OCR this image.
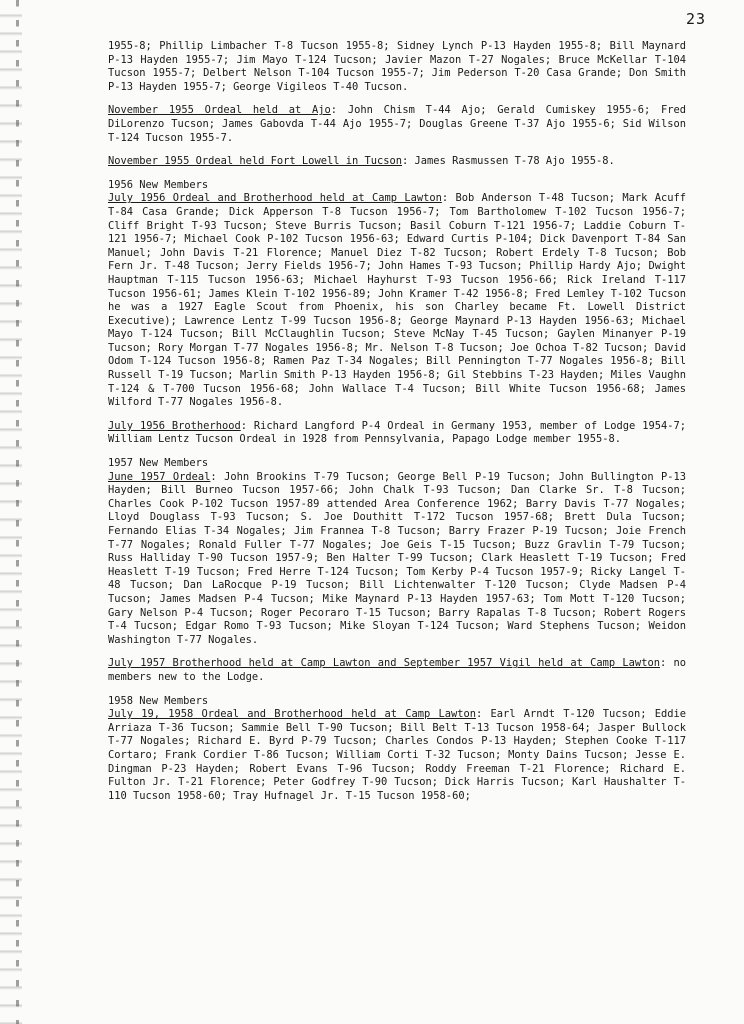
23

1955-8; Phillip Limbacher T-8 Tucson 1955-8; Sidney Lynch P-13 Hayden 1955-8; Bill Maynard P-13 Hayden 1955-7; Jim Mayo T-124 Tucson; Javier Mazon T-27 Nogales; Bruce McKellar T-104 Tucson 1955-7; Delbert Nelson T-104 Tucson 1955-7; Jim Pederson T-20 Casa Grande; Don Smith P-13 Hayden 1955-7; George Vigileos T-40 Tucson.

November 1955 Ordeal held at Ajo: John Chism T-44 Ajo; Gerald Cumiskey 1955-6; Fred DiLorenzo Tucson; James Gabovda T-44 Ajo 1955-7; Douglas Greene T-37 Ajo 1955-6; Sid Wilson T-124 Tucson 1955-7.

November 1955 Ordeal held Fort Lowell in Tucson: James Rasmussen T-78 Ajo 1955-8.

1956 New Members

July 1956 Ordeal and Brotherhood held at Camp Lawton: Bob Anderson T-48 Tucson; Mark Acuff T-84 Casa Grande; Dick Apperson T-8 Tucson 1956-7; Tom Bartholomew T-102 Tucson 1956-7; Cliff Bright T-93 Tucson; Steve Burris Tucson; Basil Coburn T-121 1956-7; Laddie Coburn T-121 1956-7; Michael Cook P-102 Tucson 1956-63; Edward Curtis P-104; Dick Davenport T-84 San Manuel; John Davis T-21 Florence; Manuel Diez T-82 Tucson; Robert Erdely T-8 Tucson; Bob Fern Jr. T-48 Tucson; Jerry Fields 1956-7; John Hames T-93 Tucson; Phillip Hardy Ajo; Dwight Hauptman T-115 Tucson 1956-63; Michael Hayhurst T-93 Tucson 1956-66; Rick Ireland T-117 Tucson 1956-61; James Klein T-102 1956-89; John Kramer T-42 1956-8; Fred Lemley T-102 Tucson he was a 1927 Eagle Scout from Phoenix, his son Charley became Ft. Lowell District Executive); Lawrence Lentz T-99 Tucson 1956-8; George Maynard P-13 Hayden 1956-63; Michael Mayo T-124 Tucson; Bill McClaughlin Tucson; Steve McNay T-45 Tucson; Gaylen Minanyer P-19 Tucson; Rory Morgan T-77 Nogales 1956-8; Mr. Nelson T-8 Tucson; Joe Ochoa T-82 Tucson; David Odom T-124 Tucson 1956-8; Ramen Paz T-34 Nogales; Bill Pennington T-77 Nogales 1956-8; Bill Russell T-19 Tucson; Marlin Smith P-13 Hayden 1956-8; Gil Stebbins T-23 Hayden; Miles Vaughn T-124 & T-700 Tucson 1956-68; John Wallace T-4 Tucson; Bill White Tucson 1956-68; James Wilford T-77 Nogales 1956-8.

July 1956 Brotherhood: Richard Langford P-4 Ordeal in Germany 1953, member of Lodge 1954-7; William Lentz Tucson Ordeal in 1928 from Pennsylvania, Papago Lodge member 1955-8.

1957 New Members

June 1957 Ordeal: John Brookins T-79 Tucson; George Bell P-19 Tucson; John Bullington P-13 Hayden; Bill Burneo Tucson 1957-66; John Chalk T-93 Tucson; Dan Clarke Sr. T-8 Tucson; Charles Cook P-102 Tucson 1957-89 attended Area Conference 1962; Barry Davis T-77 Nogales; Lloyd Douglass T-93 Tucson; S. Joe Douthitt T-172 Tucson 1957-68; Brett Dula Tucson; Fernando Elias T-34 Nogales; Jim Frannea T-8 Tucson; Barry Frazer P-19 Tucson; Joie French T-77 Nogales; Ronald Fuller T-77 Nogales; Joe Geis T-15 Tucson; Buzz Gravlin T-79 Tucson; Russ Halliday T-90 Tucson 1957-9; Ben Halter T-99 Tucson; Clark Heaslett T-19 Tucson; Fred Heaslett T-19 Tucson; Fred Herre T-124 Tucson; Tom Kerby P-4 Tucson 1957-9; Ricky Langel T-48 Tucson; Dan LaRocque P-19 Tucson; Bill Lichtenwalter T-120 Tucson; Clyde Madsen P-4 Tucson; James Madsen P-4 Tucson; Mike Maynard P-13 Hayden 1957-63; Tom Mott T-120 Tucson; Gary Nelson P-4 Tucson; Roger Pecoraro T-15 Tucson; Barry Rapalas T-8 Tucson; Robert Rogers T-4 Tucson; Edgar Romo T-93 Tucson; Mike Sloyan T-124 Tucson; Ward Stephens Tucson; Weidon Washington T-77 Nogales.

July 1957 Brotherhood held at Camp Lawton and September 1957 Vigil held at Camp Lawton: no members new to the Lodge.

1958 New Members

July 19, 1958 Ordeal and Brotherhood held at Camp Lawton: Earl Arndt T-120 Tucson; Eddie Arriaza T-36 Tucson; Sammie Bell T-90 Tucson; Bill Belt T-13 Tucson 1958-64; Jasper Bullock T-77 Nogales; Richard E. Byrd P-79 Tucson; Charles Condos P-13 Hayden; Stephen Cooke T-117 Cortaro; Frank Cordier T-86 Tucson; William Corti T-32 Tucson; Monty Dains Tucson; Jesse E. Dingman P-23 Hayden; Robert Evans T-96 Tucson; Roddy Freeman T-21 Florence; Richard E. Fulton Jr. T-21 Florence; Peter Godfrey T-90 Tucson; Dick Harris Tucson; Karl Haushalter T-110 Tucson 1958-60; Tray Hufnagel Jr. T-15 Tucson 1958-60;
